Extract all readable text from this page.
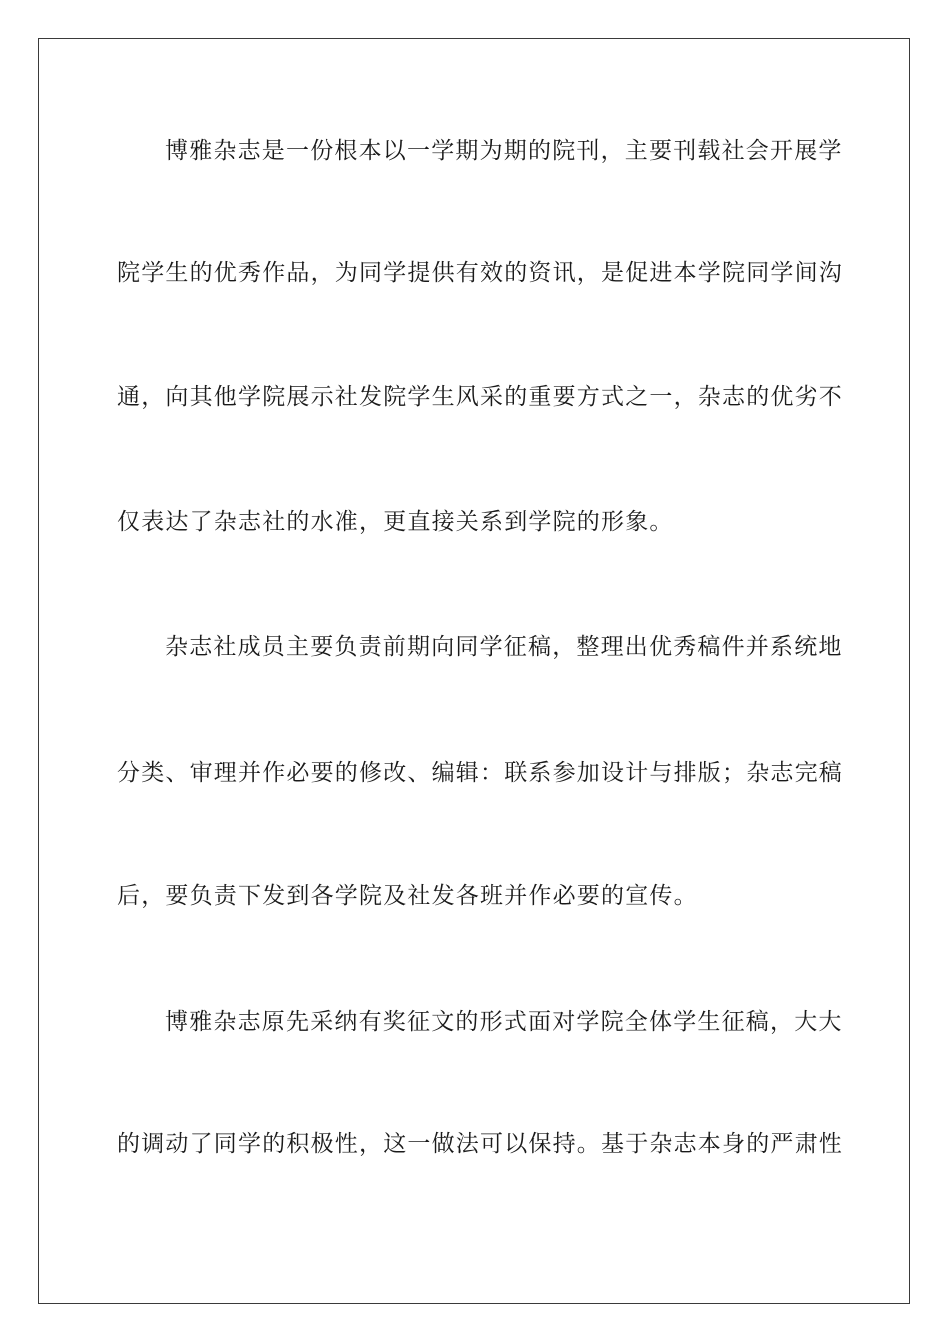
博雅杂志是一份根本以一学期为期的院刊，主要刊载社会开展学

院学生的优秀作品，为同学提供有效的资讯，是促进本学院同学间沟

通，向其他学院展示社发院学生风采的重要方式之一，杂志的优劣不

仅表达了杂志社的水准，更直接关系到学院的形象。

杂志社成员主要负责前期向同学征稿，整理出优秀稿件并系统地

分类、审理并作必要的修改、编辑：联系参加设计与排版；杂志完稿

后，要负责下发到各学院及社发各班并作必要的宣传。

博雅杂志原先采纳有奖征文的形式面对学院全体学生征稿，大大

的调动了同学的积极性，这一做法可以保持。基于杂志本身的严肃性
